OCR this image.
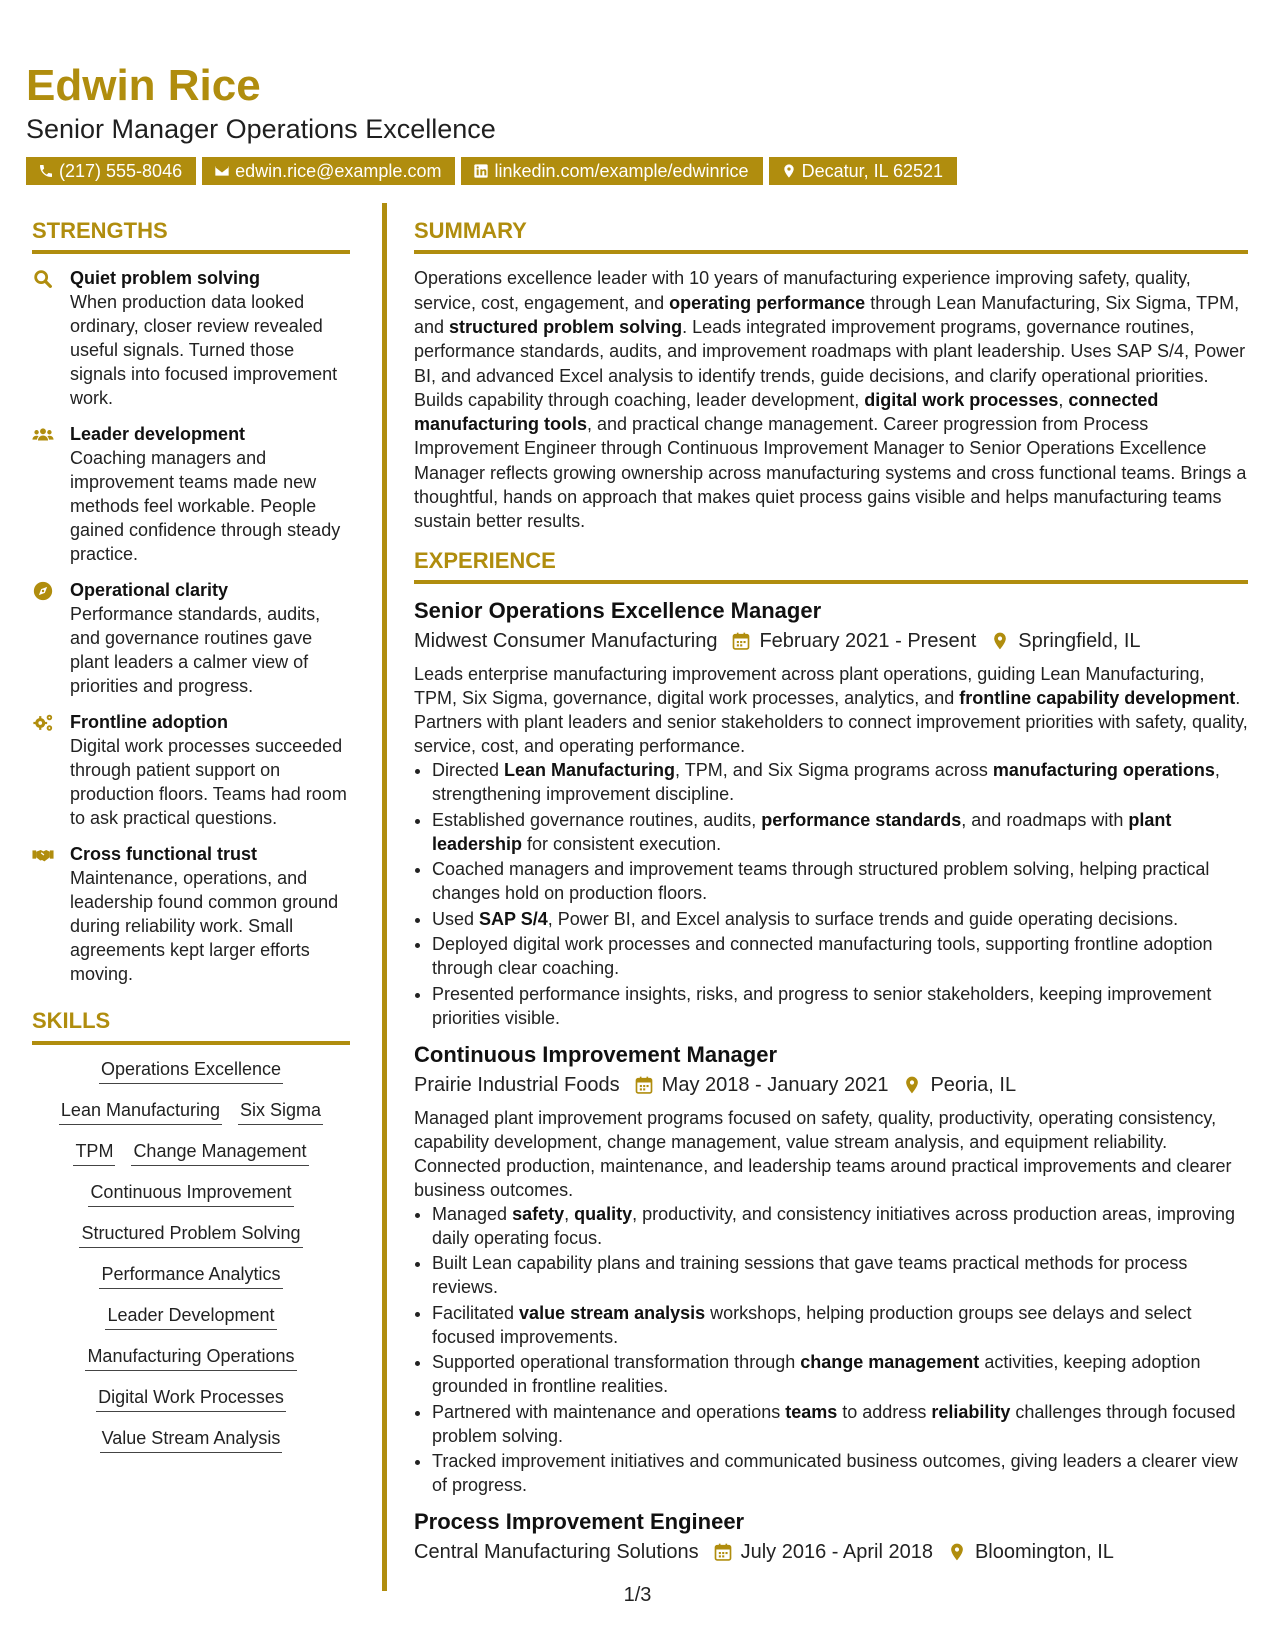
Edwin Rice
Senior Manager Operations Excellence
(217) 555-8046	edwin.rice@example.com	linkedin.com/example/edwinrice	Decatur, IL 62521
STRENGTHS
Quiet problem solving
When production data looked ordinary, closer review revealed useful signals. Turned those signals into focused improvement work.
Leader development
Coaching managers and improvement teams made new methods feel workable. People gained confidence through steady practice.
Operational clarity
Performance standards, audits, and governance routines gave plant leaders a calmer view of priorities and progress.
Frontline adoption
Digital work processes succeeded through patient support on production floors. Teams had room to ask practical questions.
Cross functional trust
Maintenance, operations, and leadership found common ground during reliability work. Small agreements kept larger efforts moving.
SKILLS
Operations Excellence
Lean Manufacturing Six Sigma
TPM Change Management
Continuous Improvement
Structured Problem Solving
Performance Analytics
Leader Development
Manufacturing Operations
Digital Work Processes
Value Stream Analysis
SUMMARY
Operations excellence leader with 10 years of manufacturing experience improving safety, quality, service, cost, engagement, and operating performance through Lean Manufacturing, Six Sigma, TPM, and structured problem solving. Leads integrated improvement programs, governance routines, performance standards, audits, and improvement roadmaps with plant leadership. Uses SAP S/4, Power BI, and advanced Excel analysis to identify trends, guide decisions, and clarify operational priorities. Builds capability through coaching, leader development, digital work processes, connected manufacturing tools, and practical change management. Career progression from Process Improvement Engineer through Continuous Improvement Manager to Senior Operations Excellence Manager reflects growing ownership across manufacturing systems and cross functional teams. Brings a thoughtful, hands on approach that makes quiet process gains visible and helps manufacturing teams sustain better results.
EXPERIENCE
Senior Operations Excellence Manager
Midwest Consumer Manufacturing February 2021 - Present Springfield, IL
Leads enterprise manufacturing improvement across plant operations, guiding Lean Manufacturing, TPM, Six Sigma, governance, digital work processes, analytics, and frontline capability development. Partners with plant leaders and senior stakeholders to connect improvement priorities with safety, quality, service, cost, and operating performance.
• Directed Lean Manufacturing, TPM, and Six Sigma programs across manufacturing operations, strengthening improvement discipline.
• Established governance routines, audits, performance standards, and roadmaps with plant leadership for consistent execution.
• Coached managers and improvement teams through structured problem solving, helping practical changes hold on production floors.
• Used SAP S/4, Power BI, and Excel analysis to surface trends and guide operating decisions.
• Deployed digital work processes and connected manufacturing tools, supporting frontline adoption through clear coaching.
• Presented performance insights, risks, and progress to senior stakeholders, keeping improvement priorities visible.
Continuous Improvement Manager
Prairie Industrial Foods May 2018 - January 2021 Peoria, IL
Managed plant improvement programs focused on safety, quality, productivity, operating consistency, capability development, change management, value stream analysis, and equipment reliability. Connected production, maintenance, and leadership teams around practical improvements and clearer business outcomes.
• Managed safety, quality, productivity, and consistency initiatives across production areas, improving daily operating focus.
• Built Lean capability plans and training sessions that gave teams practical methods for process reviews.
• Facilitated value stream analysis workshops, helping production groups see delays and select focused improvements.
• Supported operational transformation through change management activities, keeping adoption grounded in frontline realities.
• Partnered with maintenance and operations teams to address reliability challenges through focused problem solving.
• Tracked improvement initiatives and communicated business outcomes, giving leaders a clearer view of progress.
Process Improvement Engineer
Central Manufacturing Solutions July 2016 - April 2018 Bloomington, IL
1/3
